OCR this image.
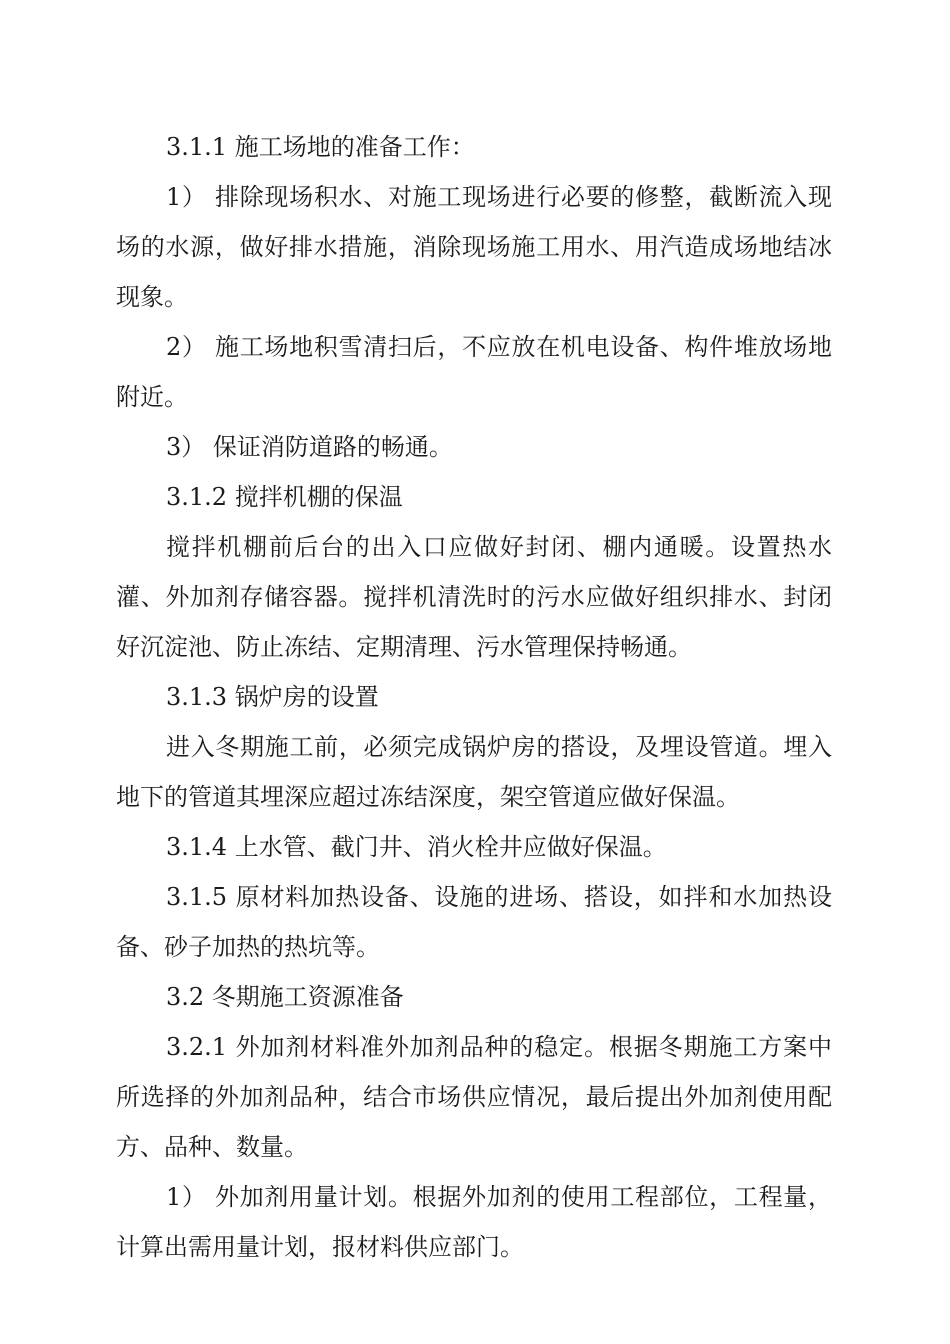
3.1.1 施工场地的准备工作：

1） 排除现场积水、对施工现场进行必要的修整，截断流入现场的水源，做好排水措施，消除现场施工用水、用汽造成场地结冰现象。

2） 施工场地积雪清扫后，不应放在机电设备、构件堆放场地附近。

3） 保证消防道路的畅通。

3.1.2 搅拌机棚的保温

搅拌机棚前后台的出入口应做好封闭、棚内通暖。设置热水灌、外加剂存储容器。搅拌机清洗时的污水应做好组织排水、封闭好沉淀池、防止冻结、定期清理、污水管理保持畅通。

3.1.3 锅炉房的设置

进入冬期施工前，必须完成锅炉房的搭设，及埋设管道。埋入地下的管道其埋深应超过冻结深度，架空管道应做好保温。

3.1.4 上水管、截门井、消火栓井应做好保温。

3.1.5 原材料加热设备、设施的进场、搭设，如拌和水加热设备、砂子加热的热坑等。

3.2 冬期施工资源准备

3.2.1 外加剂材料准外加剂品种的稳定。根据冬期施工方案中所选择的外加剂品种，结合市场供应情况，最后提出外加剂使用配方、品种、数量。

1） 外加剂用量计划。根据外加剂的使用工程部位，工程量，计算出需用量计划，报材料供应部门。
